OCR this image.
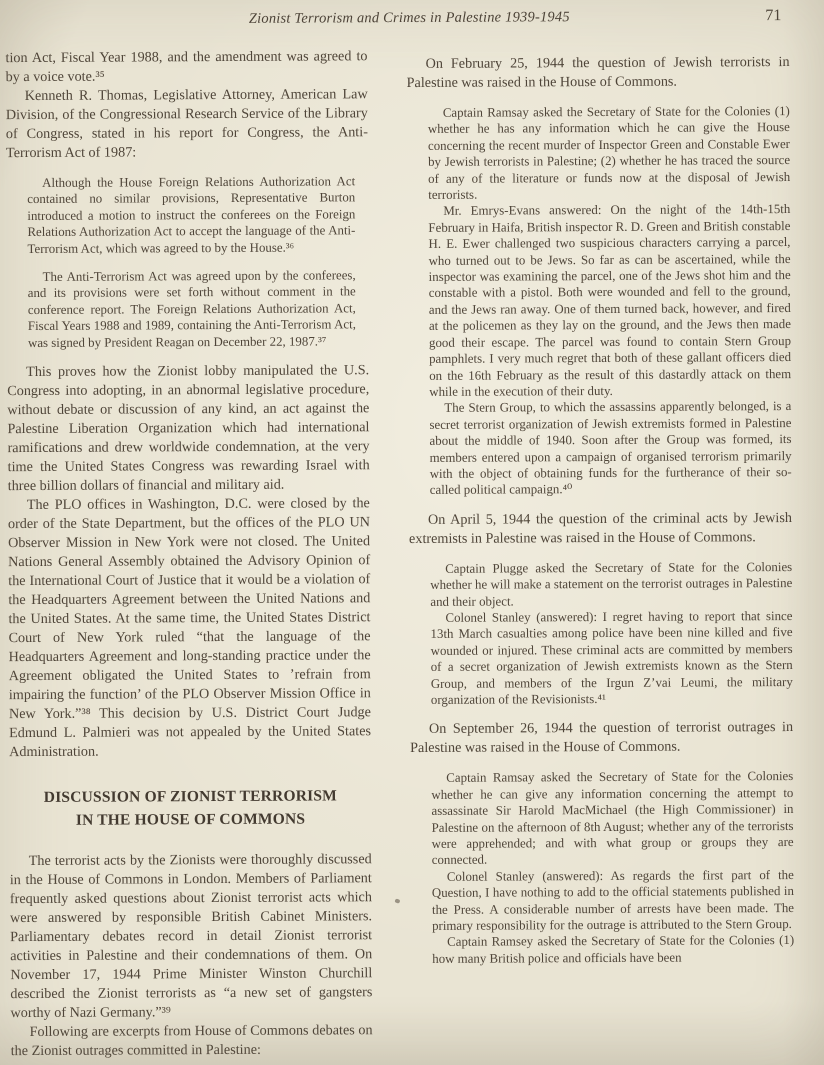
Zionist Terrorism and Crimes in Palestine 1939-1945	71

tion Act, Fiscal Year 1988, and the amendment was agreed to by a voice vote.³⁵

Kenneth R. Thomas, Legislative Attorney, American Law Division, of the Congressional Research Service of the Library of Congress, stated in his report for Congress, the Anti-Terrorism Act of 1987:

Although the House Foreign Relations Authorization Act contained no similar provisions, Representative Burton introduced a motion to instruct the conferees on the Foreign Relations Authorization Act to accept the language of the Anti-Terrorism Act, which was agreed to by the House.³⁶

The Anti-Terrorism Act was agreed upon by the conferees, and its provisions were set forth without comment in the conference report. The Foreign Relations Authorization Act, Fiscal Years 1988 and 1989, containing the Anti-Terrorism Act, was signed by President Reagan on December 22, 1987.³⁷

This proves how the Zionist lobby manipulated the U.S. Congress into adopting, in an abnormal legislative procedure, without debate or discussion of any kind, an act against the Palestine Liberation Organization which had international ramifications and drew worldwide condemnation, at the very time the United States Congress was rewarding Israel with three billion dollars of financial and military aid.

The PLO offices in Washington, D.C. were closed by the order of the State Department, but the offices of the PLO UN Observer Mission in New York were not closed. The United Nations General Assembly obtained the Advisory Opinion of the International Court of Justice that it would be a violation of the Headquarters Agreement between the United Nations and the United States. At the same time, the United States District Court of New York ruled “that the language of the Headquarters Agreement and long-standing practice under the Agreement obligated the United States to ’refrain from impairing the function’ of the PLO Observer Mission Office in New York.”³⁸ This decision by U.S. District Court Judge Edmund L. Palmieri was not appealed by the United States Administration.

DISCUSSION OF ZIONIST TERRORISM
IN THE HOUSE OF COMMONS

The terrorist acts by the Zionists were thoroughly discussed in the House of Commons in London. Members of Parliament frequently asked questions about Zionist terrorist acts which were answered by responsible British Cabinet Ministers. Parliamentary debates record in detail Zionist terrorist activities in Palestine and their condemnations of them. On November 17, 1944 Prime Minister Winston Churchill described the Zionist terrorists as “a new set of gangsters worthy of Nazi Germany.”³⁹

Following are excerpts from House of Commons debates on the Zionist outrages committed in Palestine:

On February 25, 1944 the question of Jewish terrorists in Palestine was raised in the House of Commons.

Captain Ramsay asked the Secretary of State for the Colonies (1) whether he has any information which he can give the House concerning the recent murder of Inspector Green and Constable Ewer by Jewish terrorists in Palestine; (2) whether he has traced the source of any of the literature or funds now at the disposal of Jewish terrorists.

Mr. Emrys-Evans answered: On the night of the 14th-15th February in Haifa, British inspector R. D. Green and British constable H. E. Ewer challenged two suspicious characters carrying a parcel, who turned out to be Jews. So far as can be ascertained, while the inspector was examining the parcel, one of the Jews shot him and the constable with a pistol. Both were wounded and fell to the ground, and the Jews ran away. One of them turned back, however, and fired at the policemen as they lay on the ground, and the Jews then made good their escape. The parcel was found to contain Stern Group pamphlets. I very much regret that both of these gallant officers died on the 16th February as the result of this dastardly attack on them while in the execution of their duty.

The Stern Group, to which the assassins apparently belonged, is a secret terrorist organization of Jewish extremists formed in Palestine about the middle of 1940. Soon after the Group was formed, its members entered upon a campaign of organised terrorism primarily with the object of obtaining funds for the furtherance of their so-called political campaign.⁴⁰

On April 5, 1944 the question of the criminal acts by Jewish extremists in Palestine was raised in the House of Commons.

Captain Plugge asked the Secretary of State for the Colonies whether he will make a statement on the terrorist outrages in Palestine and their object.

Colonel Stanley (answered): I regret having to report that since 13th March casualties among police have been nine killed and five wounded or injured. These criminal acts are committed by members of a secret organization of Jewish extremists known as the Stern Group, and members of the Irgun Z’vai Leumi, the military organization of the Revisionists.⁴¹

On September 26, 1944 the question of terrorist outrages in Palestine was raised in the House of Commons.

Captain Ramsay asked the Secretary of State for the Colonies whether he can give any information concerning the attempt to assassinate Sir Harold MacMichael (the High Commissioner) in Palestine on the afternoon of 8th August; whether any of the terrorists were apprehended; and with what group or groups they are connected.

Colonel Stanley (answered): As regards the first part of the Question, I have nothing to add to the official statements published in the Press. A considerable number of arrests have been made. The primary responsibility for the outrage is attributed to the Stern Group.

Captain Ramsey asked the Secretary of State for the Colonies (1) how many British police and officials have been
